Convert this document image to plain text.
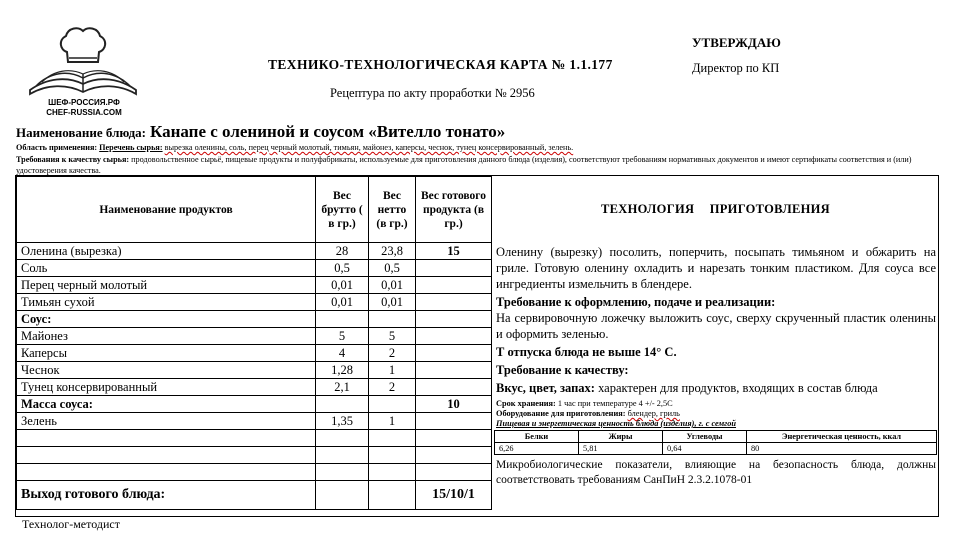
ШЕФ-РОССИЯ.РФ
CHEF-RUSSIA.COM
ТЕХНИКО-ТЕХНОЛОГИЧЕСКАЯ КАРТА № 1.1.177
Рецептура по акту проработки № 2956
УТВЕРЖДАЮ
Директор по КП
Наименование блюда: Канапе с олениной и соусом «Вителло тонато»
Область применения: Перечень сырья: вырезка оленины, соль, перец черный молотый, тимьян, майонез, каперсы, чеснок, тунец консервированный, зелень.
Требования к качеству сырья: продовольственное сырьё, пищевые продукты и полуфабрикаты, используемые для приготовления данного блюда (изделия), соответствуют требованиям нормативных документов и имеют сертификаты соответствия и (или) удостоверения качества.
Наименование продуктов	Вес брутто ( в гр.)	Вес нетто (в гр.)	Вес готового продукта (в гр.)
Оленина (вырезка)	28	23,8	15
Соль	0,5	0,5	
Перец черный молотый	0,01	0,01	
Тимьян сухой	0,01	0,01	
Соус:			
Майонез	5	5	
Каперсы	4	2	
Чеснок	1,28	1	
Тунец консервированный	2,1	2	
Масса соуса:			10
Зелень	1,35	1	

Выход готового блюда:			15/10/1
ТЕХНОЛОГИЯ ПРИГОТОВЛЕНИЯ

Оленину (вырезку) посолить, поперчить, посыпать тимьяном и обжарить на гриле. Готовую оленину охладить и нарезать тонким пластиком. Для соуса все ингредиенты измельчить в блендере.

Требование к оформлению, подаче и реализации:

На сервировочную ложечку выложить соус, сверху скрученный пластик оленины и оформить зеленью.

Т отпуска блюда не выше 14° С.

Требование к качеству:

Вкус, цвет, запах: характерен для продуктов, входящих в состав блюда

Срок хранения: 1 час при температуре 4 +/- 2,5С

Оборудование для приготовления: блендер, гриль

Пищевая и энергетическая ценность блюда (изделия), г. с семгой

Белки	Жиры	Углеводы	Энергетическая ценность, ккал
6,26	5,81	0,64	80

Микробиологические показатели, влияющие на безопасность блюда, должны соответствовать требованиям СанПиН 2.3.2.1078-01

Технолог-методист
